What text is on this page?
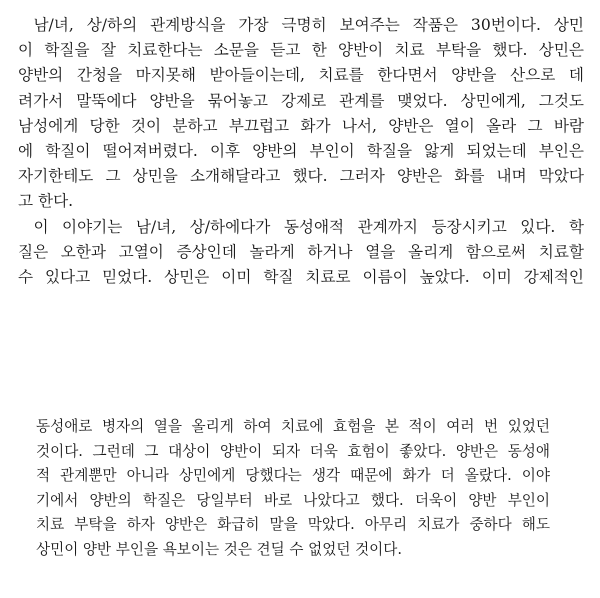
남/녀, 상/하의 관계방식을 가장 극명히 보여주는 작품은 30번이다. 상민
이 학질을 잘 치료한다는 소문을 듣고 한 양반이 치료 부탁을 했다. 상민은
양반의 간청을 마지못해 받아들이는데, 치료를 한다면서 양반을 산으로 데
려가서 말뚝에다 양반을 묶어놓고 강제로 관계를 맺었다. 상민에게, 그것도
남성에게 당한 것이 분하고 부끄럽고 화가 나서, 양반은 열이 올라 그 바람
에 학질이 떨어져버렸다. 이후 양반의 부인이 학질을 앓게 되었는데 부인은
자기한테도 그 상민을 소개해달라고 했다. 그러자 양반은 화를 내며 막았다
고 한다.
이 이야기는 남/녀, 상/하에다가 동성애적 관계까지 등장시키고 있다. 학
질은 오한과 고열이 증상인데 놀라게 하거나 열을 올리게 함으로써 치료할
수 있다고 믿었다. 상민은 이미 학질 치료로 이름이 높았다. 이미 강제적인
동성애로 병자의 열을 올리게 하여 치료에 효험을 본 적이 여러 번 있었던
것이다. 그런데 그 대상이 양반이 되자 더욱 효험이 좋았다. 양반은 동성애
적 관계뿐만 아니라 상민에게 당했다는 생각 때문에 화가 더 올랐다. 이야
기에서 양반의 학질은 당일부터 바로 나았다고 했다. 더욱이 양반 부인이
치료 부탁을 하자 양반은 화급히 말을 막았다. 아무리 치료가 중하다 해도
상민이 양반 부인을 욕보이는 것은 견딜 수 없었던 것이다.
